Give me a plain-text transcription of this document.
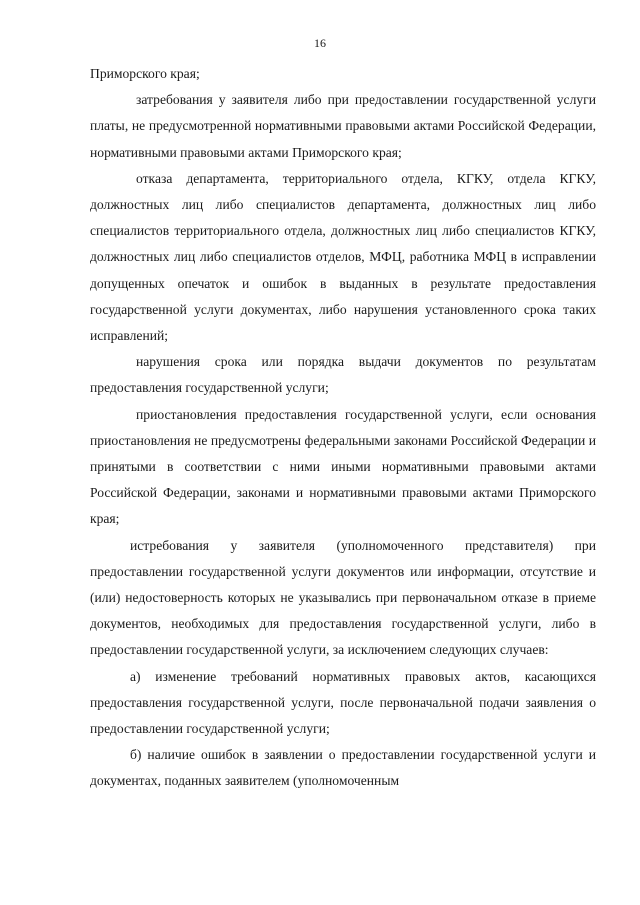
16

Приморского края;

затребования у заявителя либо при предоставлении государственной услуги платы, не предусмотренной нормативными правовыми актами Российской Федерации, нормативными правовыми актами Приморского края;

отказа департамента, территориального отдела, КГКУ, отдела КГКУ, должностных лиц либо специалистов департамента, должностных лиц либо специалистов территориального отдела, должностных лиц либо специалистов КГКУ, должностных лиц либо специалистов отделов, МФЦ, работника МФЦ в исправлении допущенных опечаток и ошибок в выданных в результате предоставления государственной услуги документах, либо нарушения установленного срока таких исправлений;

нарушения срока или порядка выдачи документов по результатам предоставления государственной услуги;

приостановления предоставления государственной услуги, если основания приостановления не предусмотрены федеральными законами Российской Федерации и принятыми в соответствии с ними иными нормативными правовыми актами Российской Федерации, законами и нормативными правовыми актами Приморского края;

истребования у заявителя (уполномоченного представителя) при предоставлении государственной услуги документов или информации, отсутствие и (или) недостоверность которых не указывались при первоначальном отказе в приеме документов, необходимых для предоставления государственной услуги, либо в предоставлении государственной услуги, за исключением следующих случаев:

а) изменение требований нормативных правовых актов, касающихся предоставления государственной услуги, после первоначальной подачи заявления о предоставлении государственной услуги;

б) наличие ошибок в заявлении о предоставлении государственной услуги и документах, поданных заявителем (уполномоченным
